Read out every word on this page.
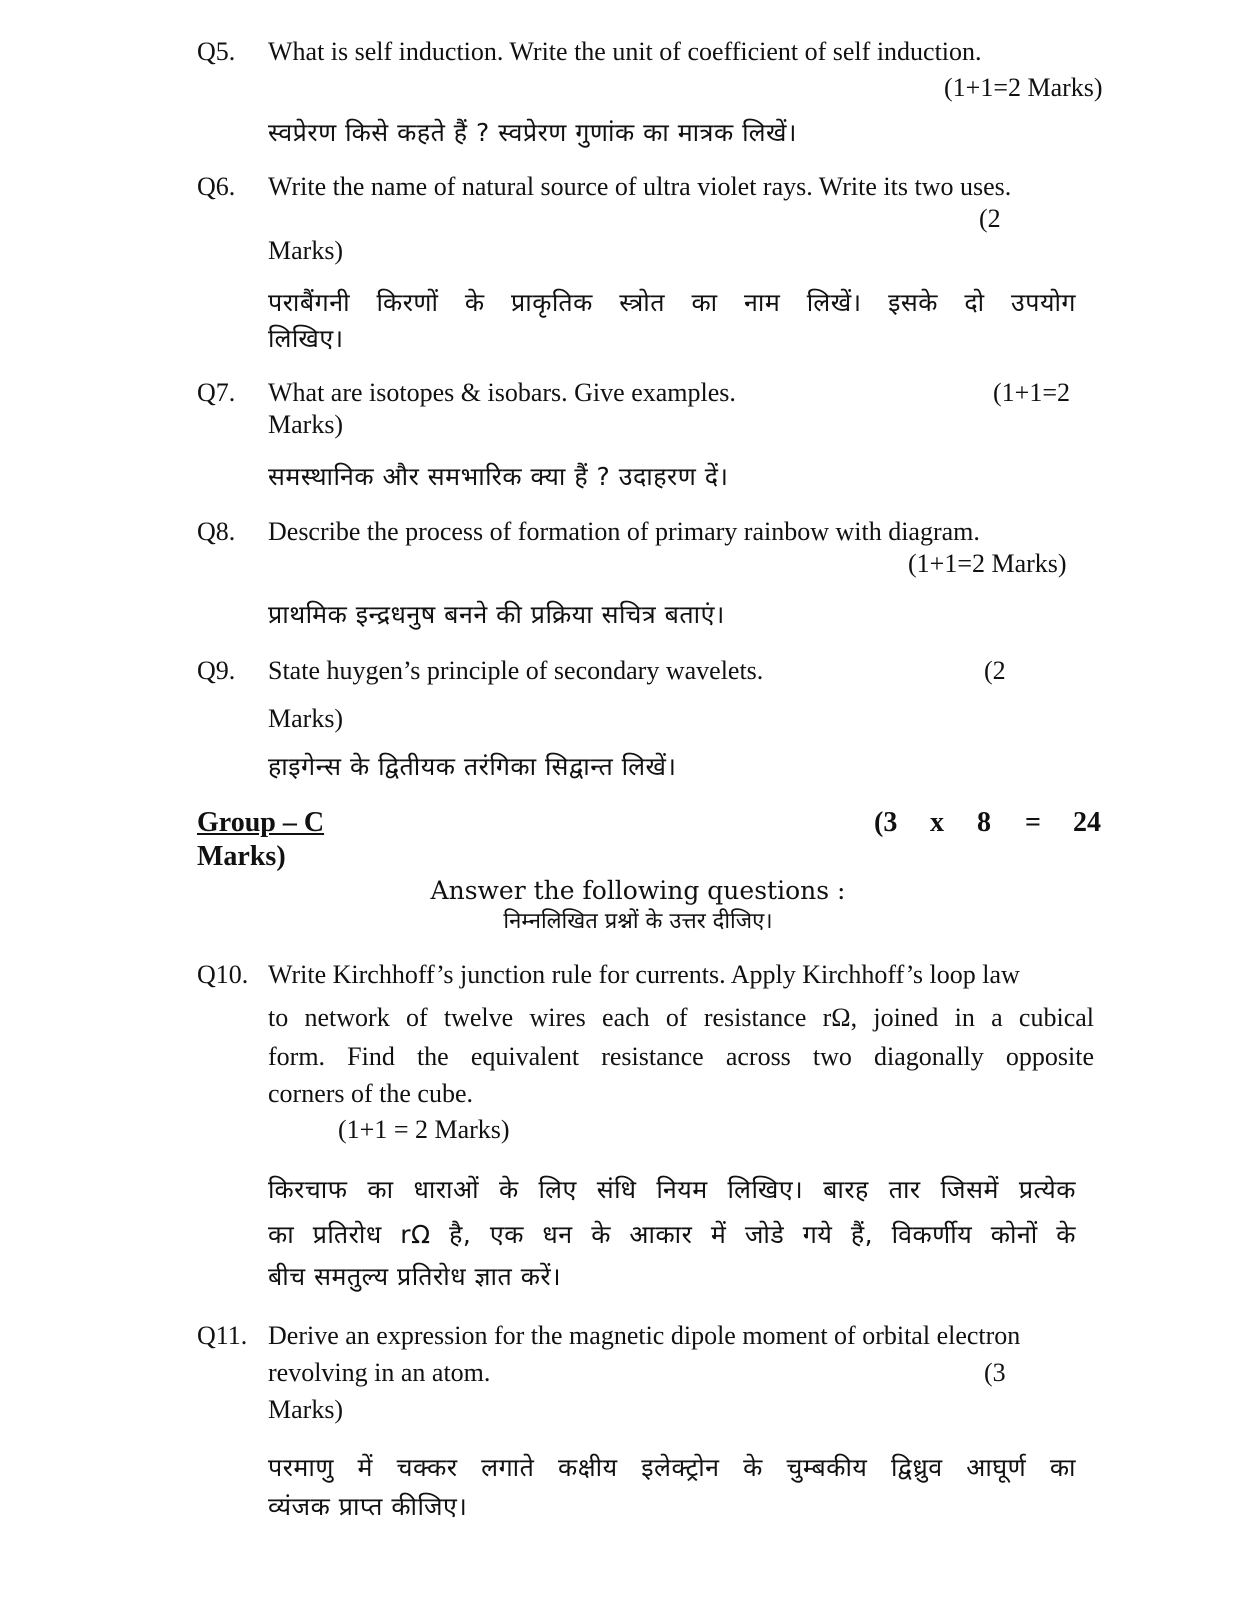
Q5. What is self induction. Write the unit of coefficient of self induction.
(1+1=2 Marks)
स्वप्रेरण किसे कहते हैं ? स्वप्रेरण गुणांक का मात्रक लिखें।
Q6. Write the name of natural source of ultra violet rays. Write its two uses.
(2
Marks)
पराबैंगनी किरणों के प्राकृतिक स्त्रोत का नाम लिखें। इसके दो उपयोग
लिखिए।
Q7. What are isotopes & isobars. Give examples.	(1+1=2
Marks)
समस्थानिक और समभारिक क्या हैं ? उदाहरण दें।
Q8. Describe the process of formation of primary rainbow with diagram.
(1+1=2 Marks)
प्राथमिक इन्द्रधनुष बनने की प्रक्रिया सचित्र बताएं।
Q9. State huygen’s principle of secondary wavelets.	(2
Marks)
हाइगेन्स के द्वितीयक तरंगिका सिद्वान्त लिखें।
Group – C	(3 x 8 = 24
Marks)
Answer the following questions :
निम्नलिखित प्रश्नों के उत्तर दीजिए।
Q10. Write Kirchhoff’s junction rule for currents. Apply Kirchhoff’s loop law
to network of twelve wires each of resistance rΩ, joined in a cubical
form. Find the equivalent resistance across two diagonally opposite
corners of the cube.
(1+1 = 2 Marks)
किरचाफ का धाराओं के लिए संधि नियम लिखिए। बारह तार जिसमें प्रत्येक
का प्रतिरोध rΩ है, एक धन के आकार में जोडे गये हैं, विकर्णीय कोनों के
बीच समतुल्य प्रतिरोध ज्ञात करें।
Q11. Derive an expression for the magnetic dipole moment of orbital electron
revolving in an atom.	(3
Marks)
परमाणु में चक्कर लगाते कक्षीय इलेक्ट्रोन के चुम्बकीय द्विध्रुव आघूर्ण का
व्यंजक प्राप्त कीजिए।
